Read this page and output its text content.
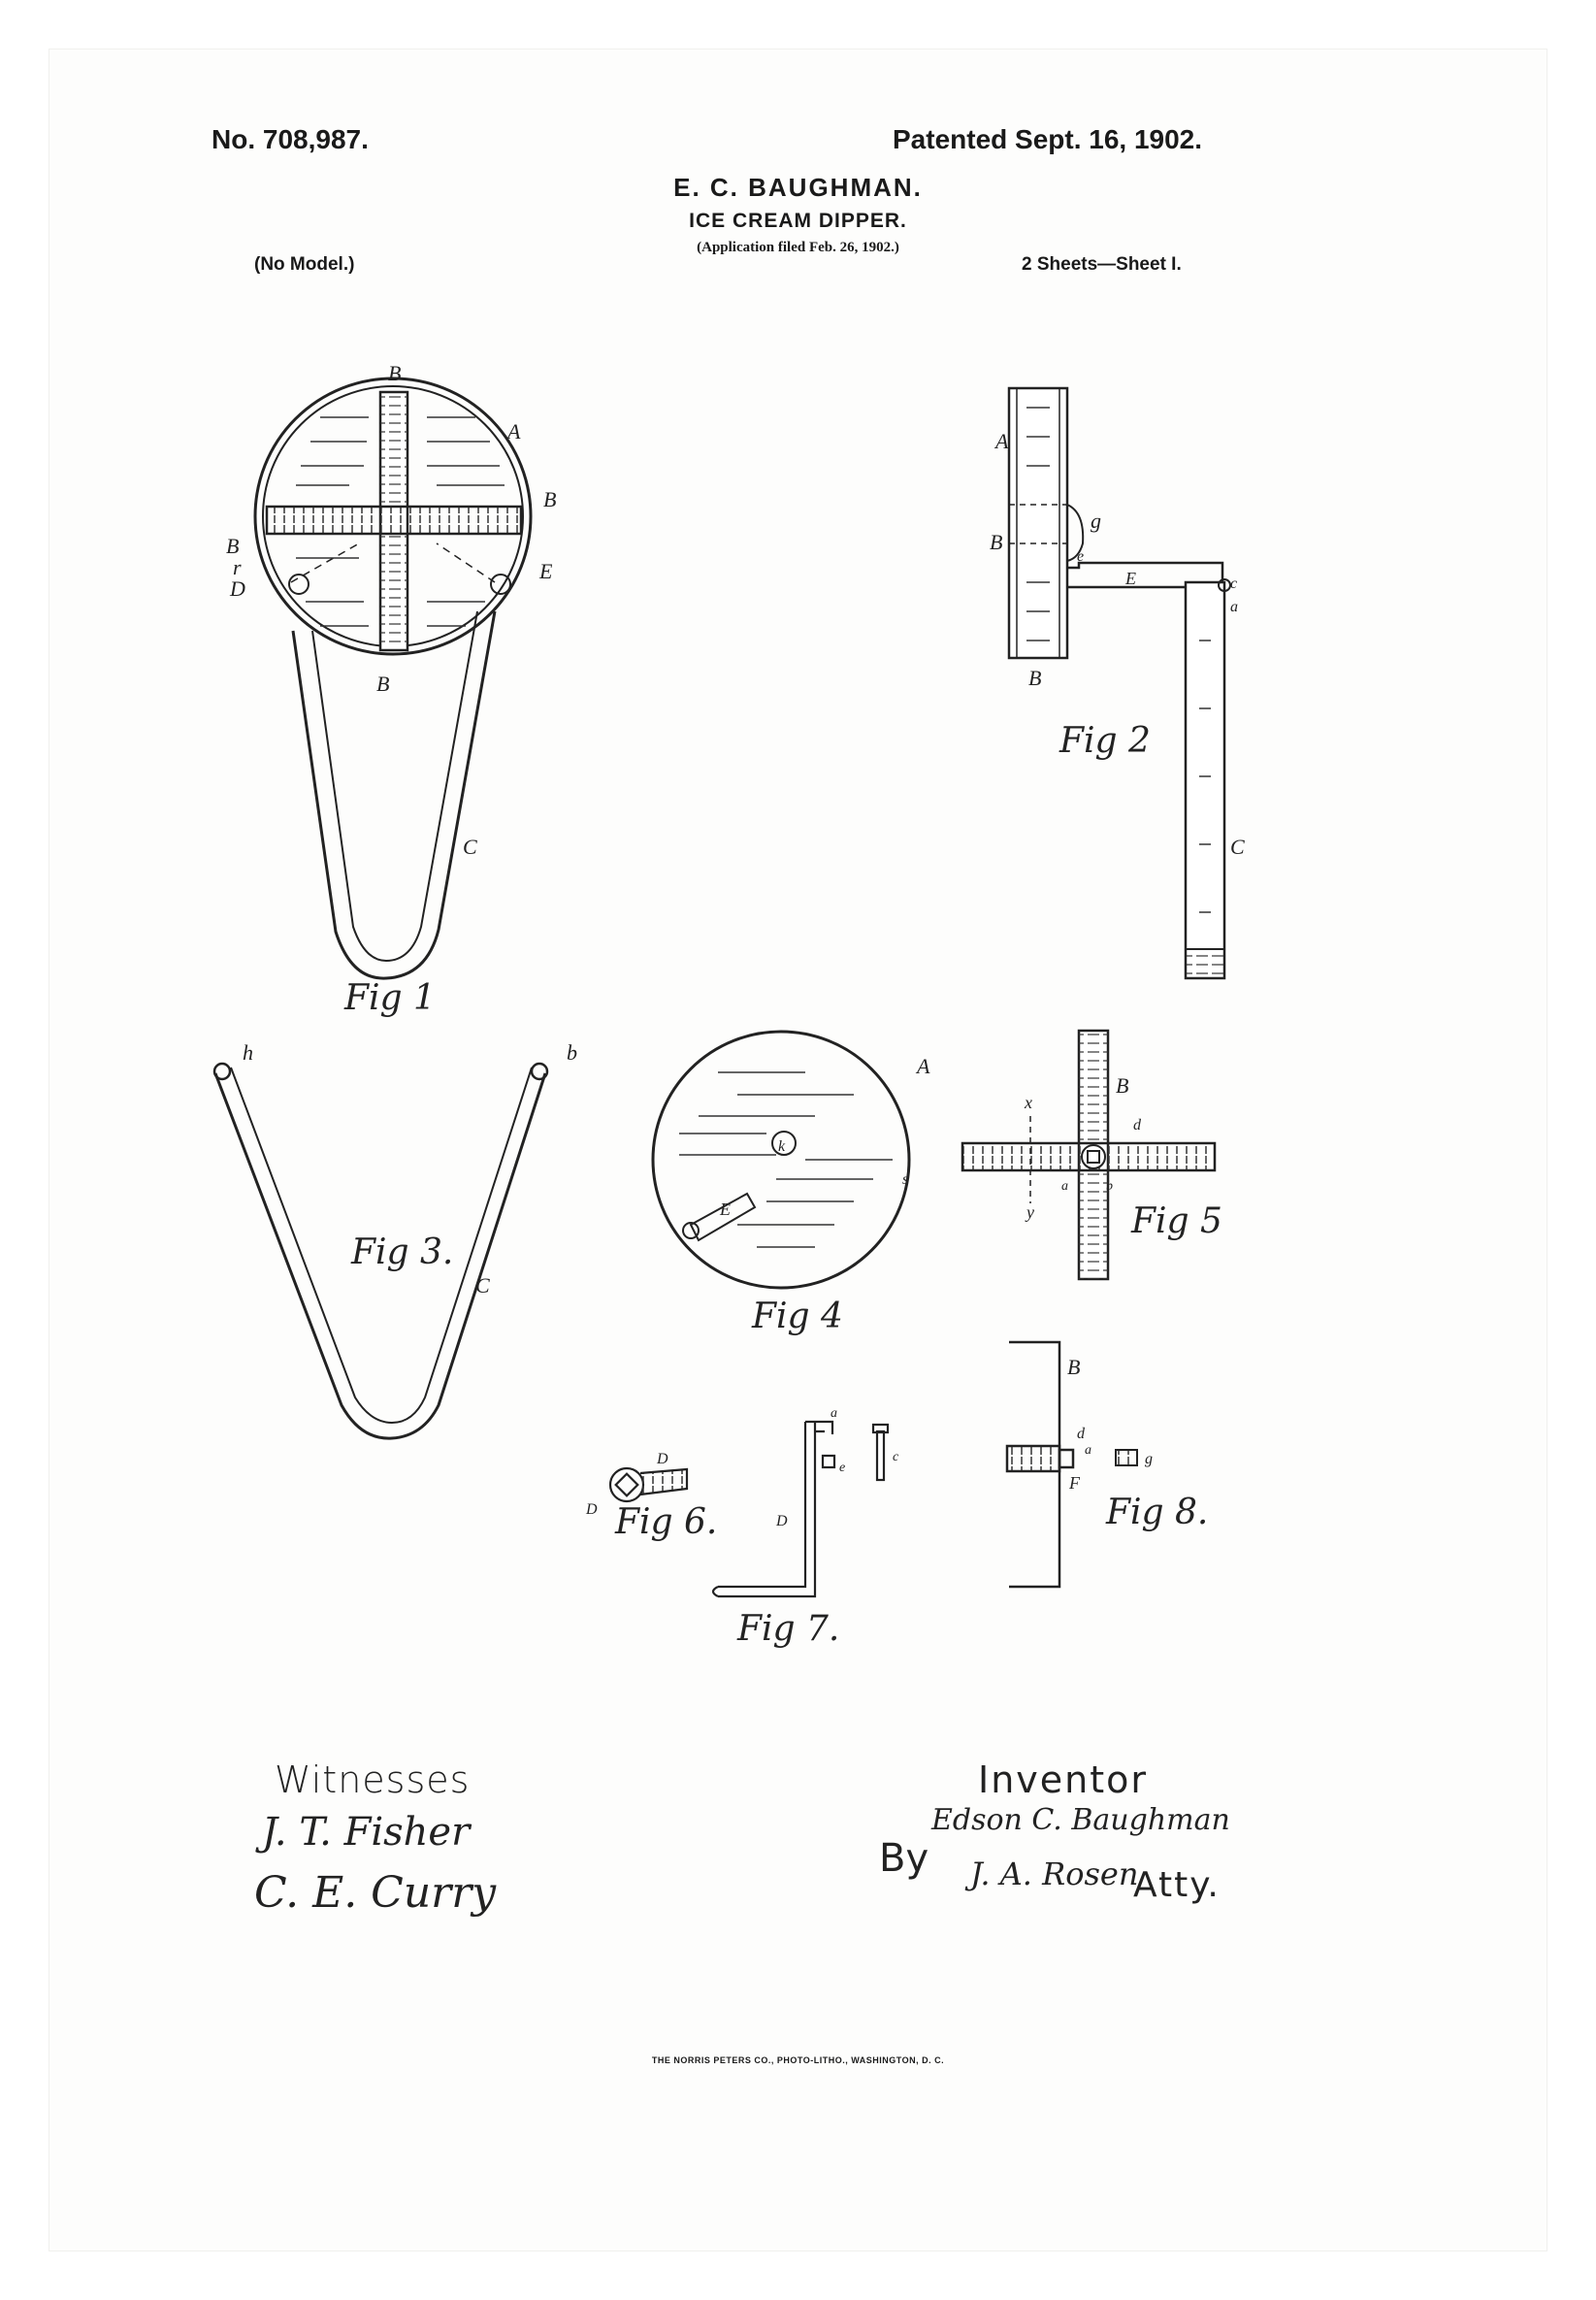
No. 708,987.	Patented Sept. 16, 1902.
E. C. BAUGHMAN.
ICE CREAM DIPPER.
(Application filed Feb. 26, 1902.)
(No Model.)	2 Sheets—Sheet I.
B
A
B
B
r
D
E
B
C
Fig 1
A
B
g
e
E	c
a
B
C
Fig 2
h	b
C
Fig 3.
k
A
E
s
Fig 4
B
d
x
y
a	b
Fig 5
D
D Fig 6.	D
a
e
c
Fig 7.
B
d
a
F
g
Fig 8.
Witnesses
J. T. Fisher
C. E. Curry
Inventor
Edson C. Baughman
By J. A. Rosen
Atty.
THE NORRIS PETERS CO., PHOTO-LITHO., WASHINGTON, D. C.
